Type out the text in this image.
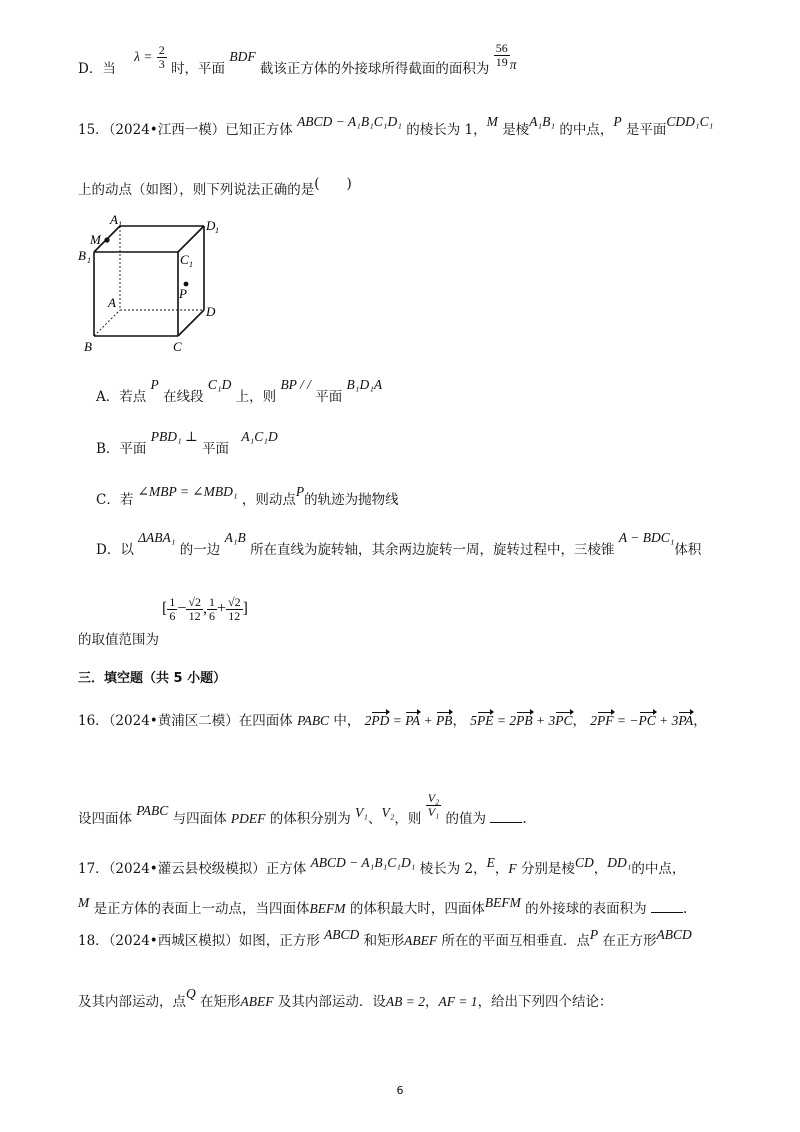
D．当 $\lambda = \frac{2}{3}$ 时，平面 BDF 截该正方体的外接球所得截面的面积为 $\frac{56}{19}$ π
15．（2024•江西一模）已知正方体 ABCD − A₁B₁C₁D₁ 的棱长为 1，M 是棱A₁B₁ 的中点，P 是平面CDD₁C₁
上的动点（如图），则下列说法正确的是(　　)
A 1	D 1
M
B 1	C 1
P
A
D
B	C
A．若点 P 在线段 C₁D 上，则 BP / / 平面 B₁D₁A
B．平面 PBD₁ ⊥ 平面 A₁C₁D
C．若 ∠MBP = ∠MBD₁ ，则动点P的轨迹为抛物线
D．以 ΔABA₁ 的一边 A₁B 所在直线为旋转轴，其余两边旋转一周，旋转过程中，三棱锥 A − BDC₁体积
[ $\frac{1}{6} - \frac{√2}{12}$ , $\frac{1}{6} + \frac{√2}{12}$ ]
的取值范围为
三．填空题（共 5 小题）
16．（2024•黄浦区二模）在四面体 PABC 中， 2PD = PA + PB， 5PE = 2PB + 3PC， 2PF = −PC + 3PA，
设四面体 PABC 与四面体 PDEF 的体积分别为 V₁、V₂，则 $\frac{\text{V₂}}{\text{V₁}}$ 的值为	.
17．（2024•灌云县校级模拟）正方体 ABCD − A₁B₁C₁D₁ 棱长为 2，E，F 分别是棱CD，DD₁的中点，
M 是正方体的表面上一动点，当四面体BEFM 的体积最大时，四面体BEFM 的外接球的表面积为	.
18．（2024•西城区模拟）如图，正方形 ABCD 和矩形ABEF 所在的平面互相垂直．点P 在正方形ABCD
及其内部运动，点Q 在矩形ABEF 及其内部运动．设AB = 2，AF = 1，给出下列四个结论：
6
